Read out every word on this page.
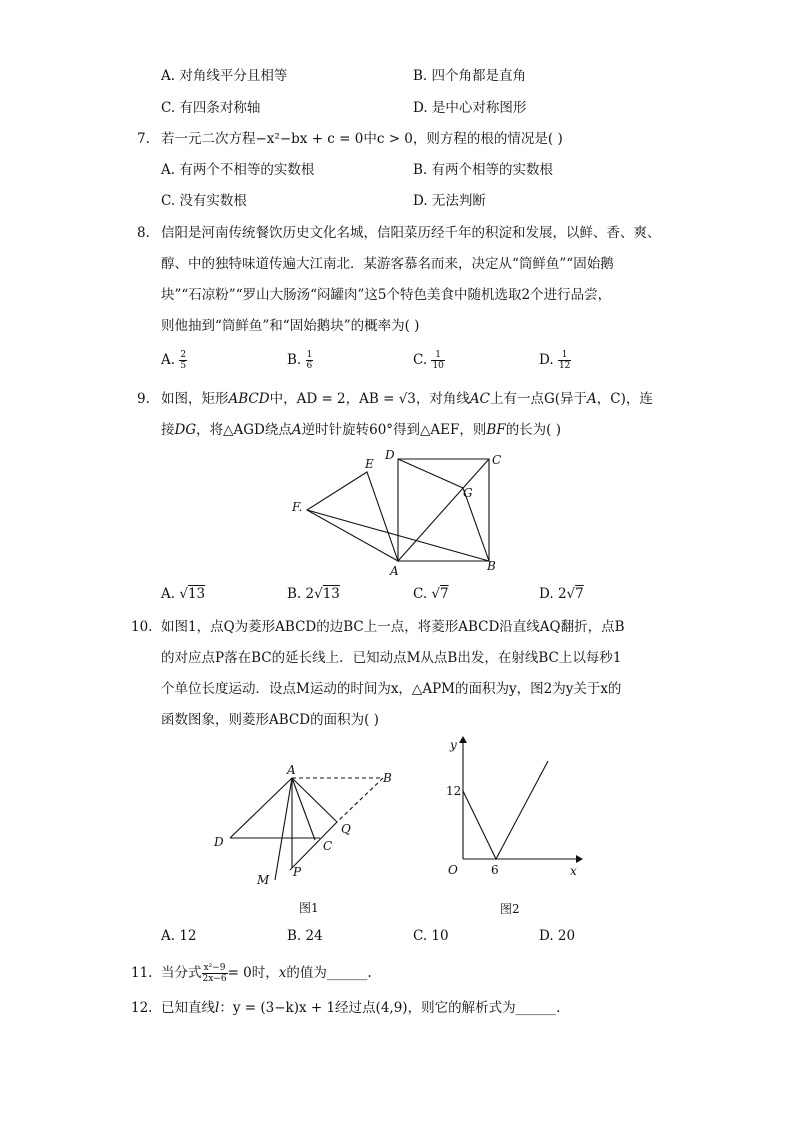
A. 对角线平分且相等	B. 四个角都是直角
C. 有四条对称轴	D. 是中心对称图形
7. 若一元二次方程−x²−bx + c = 0中c > 0，则方程的根的情况是( )
A. 有两个不相等的实数根	B. 有两个相等的实数根
C. 没有实数根	D. 无法判断
8. 信阳是河南传统餐饮历史文化名城，信阳菜历经千年的积淀和发展，以鲜、香、爽、
醇、中的独特味道传遍大江南北．某游客慕名而来，决定从“筒鲜鱼”“固始鹅
块”“石凉粉”“罗山大肠汤“闷罐肉”这5个特色美食中随机选取2个进行品尝，
则他抽到“筒鲜鱼”和“固始鹅块”的概率为( )
A. $\frac{2}{5}$	B. $\frac{1}{6}$	C. $\frac{1}{10}$	D. $\frac{1}{12}$
9. 如图，矩形ABCD中，AD = 2，AB = √3，对角线AC上有一点G(异于A，C)，连
接DG，将△AGD绕点A逆时针旋转60°得到△AEF，则BF的长为( )
D	C
E
G
F.
A	B
A. √13	B. 2√13	C. √7	D. 2√7
10. 如图1，点Q为菱形ABCD的边BC上一点，将菱形ABCD沿直线AQ翻折，点B
的对应点P落在BC的延长线上．已知动点M从点B出发，在射线BC上以每秒1
个单位长度运动．设点M运动的时间为x，△APM的面积为y，图2为y关于x的
函数图象，则菱形ABCD的面积为( )
A
B
D	C
Q
M
P
图1
y
x
O
12
6
图2
A. 12	B. 24	C. 10	D. 20
11. 当分式 $\frac{\text{x²−9}}{2x-6} = 0$时，x的值为______.
12. 已知直线l：y = (3−k)x + 1经过点(4,9)，则它的解析式为______.
